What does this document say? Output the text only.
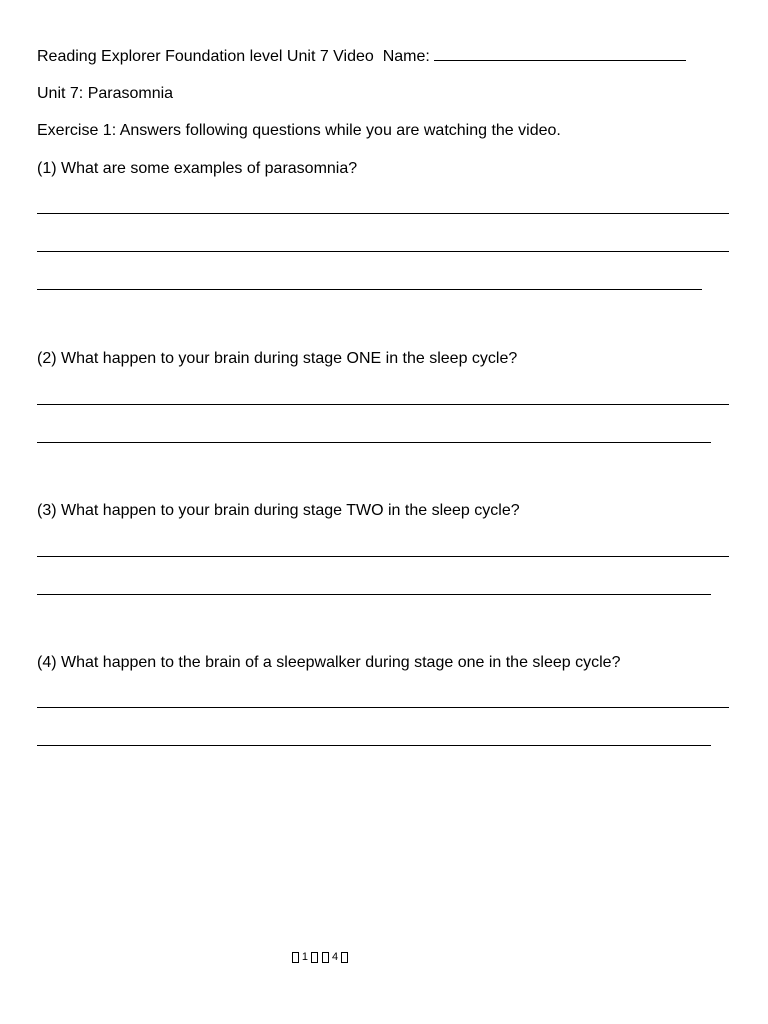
Reading Explorer Foundation level Unit 7 Video Name:
Unit 7: Parasomnia
Exercise 1: Answers following questions while you are watching the video.
(1) What are some examples of parasomnia?
(2) What happen to your brain during stage ONE in the sleep cycle?
(3) What happen to your brain during stage TWO in the sleep cycle?
(4) What happen to the brain of a sleepwalker during stage one in the sleep cycle?
1 4
